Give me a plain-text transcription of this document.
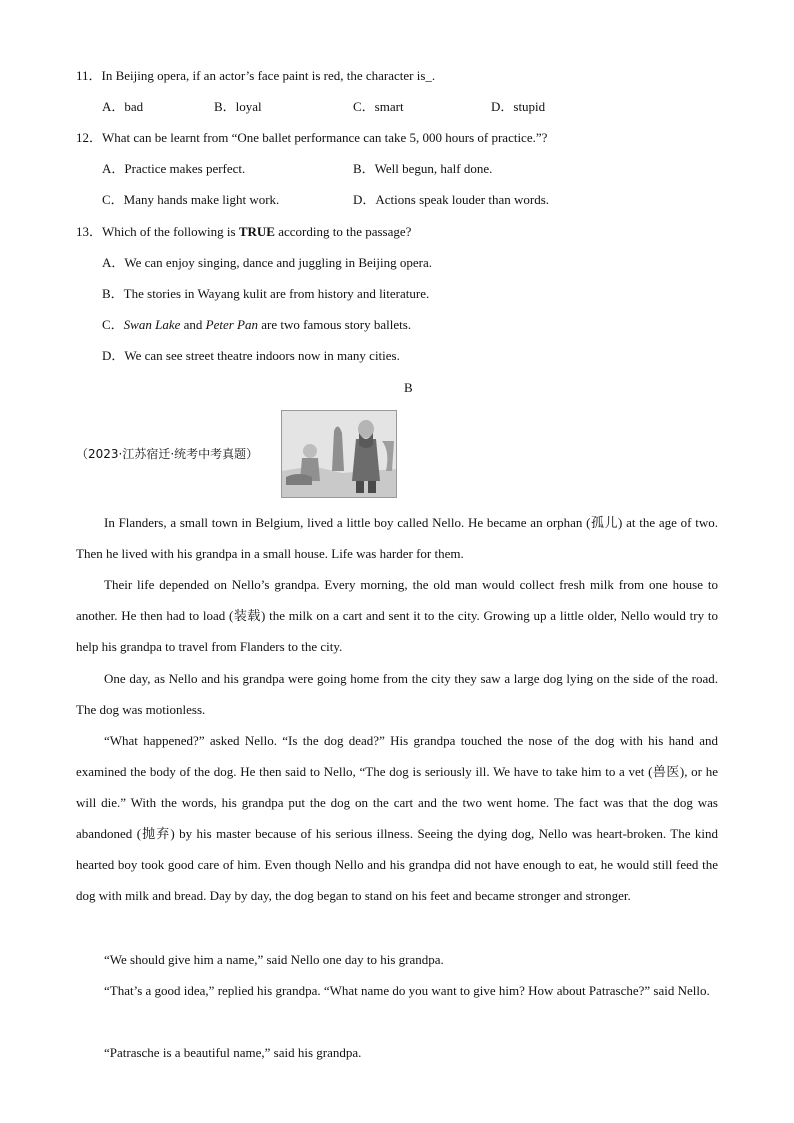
11．In Beijing opera, if an actor’s face paint is red, the character is_.
A．bad	B．loyal	C．smart	D．stupid
12．What can be learnt from “One ballet performance can take 5, 000 hours of practice.”?
A．Practice makes perfect.	B．Well begun, half done.
C．Many hands make light work.	D．Actions speak louder than words.
13．Which of the following is TRUE according to the passage?
A．We can enjoy singing, dance and juggling in Beijing opera.
B．The stories in Wayang kulit are from history and literature.
C．Swan Lake and Peter Pan are two famous story ballets.
D．We can see street theatre indoors now in many cities.
B
（2023·江苏宿迁·统考中考真题）
In Flanders, a small town in Belgium, lived a little boy called Nello. He became an orphan (孤儿) at the age of two. Then he lived with his grandpa in a small house. Life was harder for them.
Their life depended on Nello’s grandpa. Every morning, the old man would collect fresh milk from one house to another. He then had to load (装载) the milk on a cart and sent it to the city. Growing up a little older, Nello would try to help his grandpa to travel from Flanders to the city.
One day, as Nello and his grandpa were going home from the city they saw a large dog lying on the side of the road. The dog was motionless.
“What happened?” asked Nello. “Is the dog dead?” His grandpa touched the nose of the dog with his hand and examined the body of the dog. He then said to Nello, “The dog is seriously ill. We have to take him to a vet (兽医), or he will die.” With the words, his grandpa put the dog on the cart and the two went home. The fact was that the dog was abandoned (抛弃) by his master because of his serious illness. Seeing the dying dog, Nello was heart-broken. The kind hearted boy took good care of him. Even though Nello and his grandpa did not have enough to eat, he would still feed the dog with milk and bread. Day by day, the dog began to stand on his feet and became stronger and stronger.
“We should give him a name,” said Nello one day to his grandpa.
“That’s a good idea,” replied his grandpa. “What name do you want to give him? How about Patrasche?” said Nello.
“Patrasche is a beautiful name,” said his grandpa.
